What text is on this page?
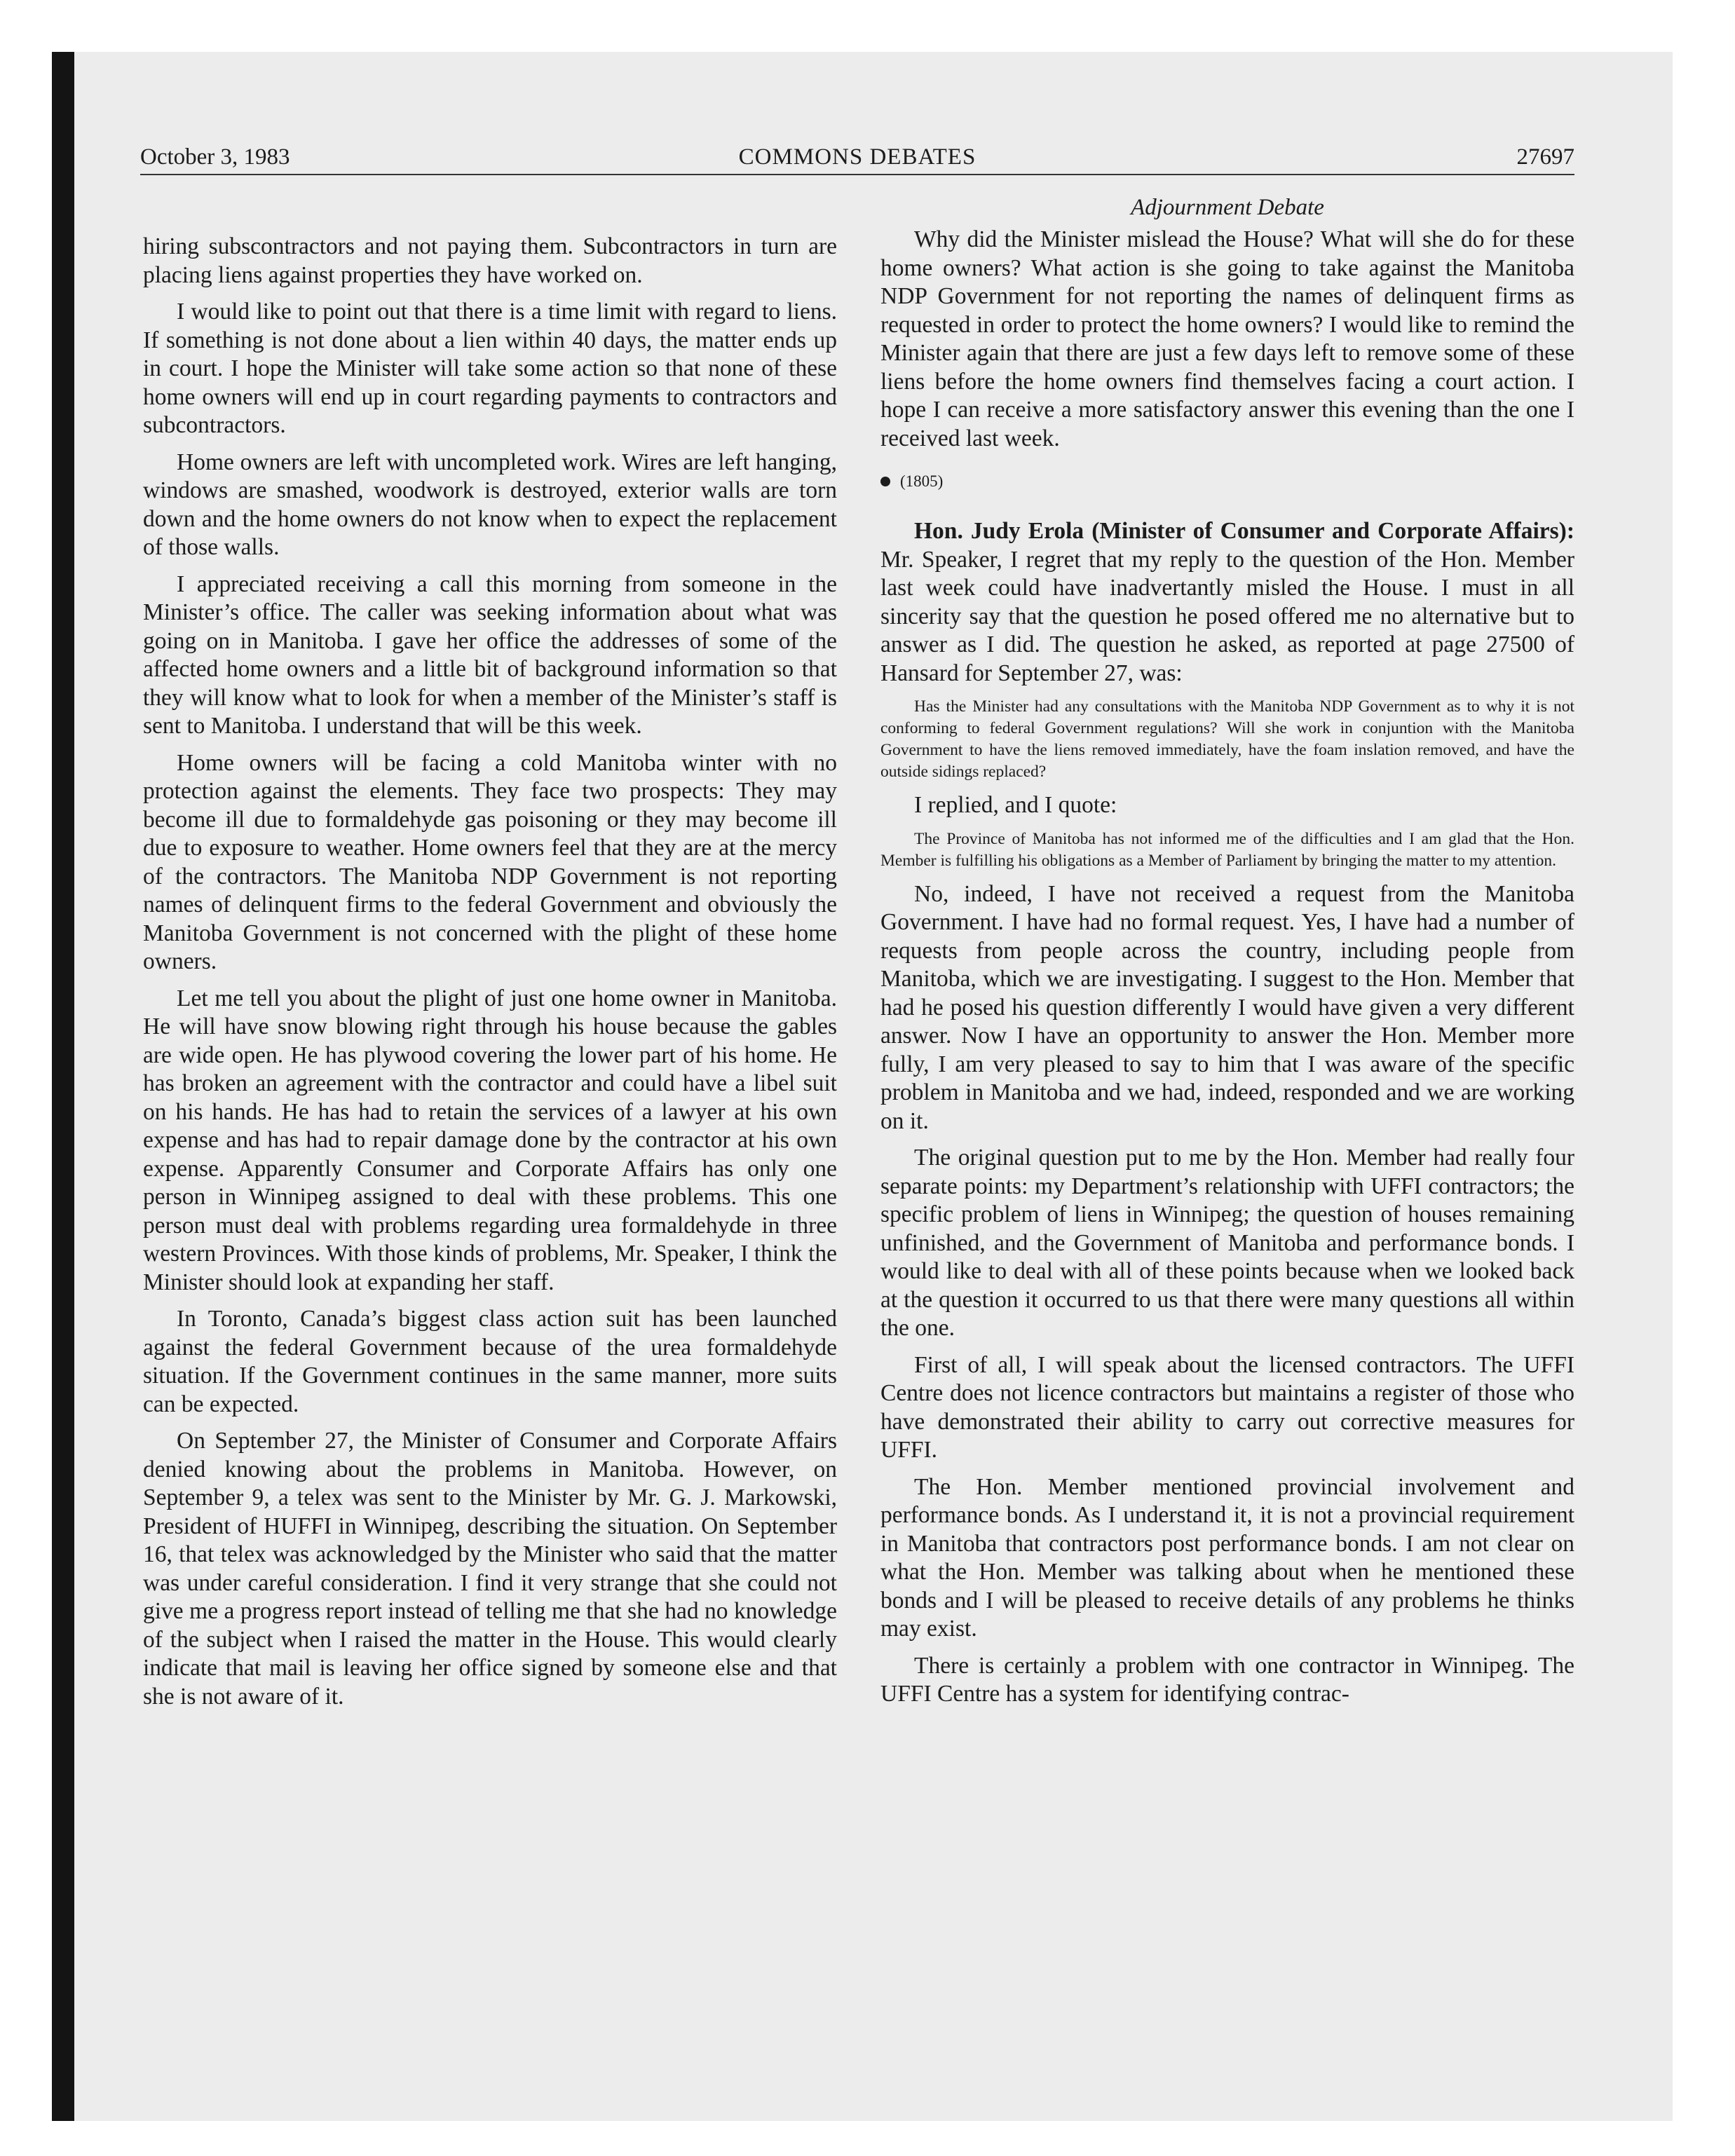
October 3, 1983	COMMONS DEBATES	27697

hiring subscontractors and not paying them. Subcontractors in turn are placing liens against properties they have worked on.

I would like to point out that there is a time limit with regard to liens. If something is not done about a lien within 40 days, the matter ends up in court. I hope the Minister will take some action so that none of these home owners will end up in court regarding payments to contractors and subcontractors.

Home owners are left with uncompleted work. Wires are left hanging, windows are smashed, woodwork is destroyed, exterior walls are torn down and the home owners do not know when to expect the replacement of those walls.

I appreciated receiving a call this morning from someone in the Minister’s office. The caller was seeking information about what was going on in Manitoba. I gave her office the addresses of some of the affected home owners and a little bit of background information so that they will know what to look for when a member of the Minister’s staff is sent to Manitoba. I understand that will be this week.

Home owners will be facing a cold Manitoba winter with no protection against the elements. They face two prospects: They may become ill due to formaldehyde gas poisoning or they may become ill due to exposure to weather. Home owners feel that they are at the mercy of the contractors. The Manitoba NDP Government is not reporting names of delinquent firms to the federal Government and obviously the Manitoba Government is not concerned with the plight of these home owners.

Let me tell you about the plight of just one home owner in Manitoba. He will have snow blowing right through his house because the gables are wide open. He has plywood covering the lower part of his home. He has broken an agreement with the contractor and could have a libel suit on his hands. He has had to retain the services of a lawyer at his own expense and has had to repair damage done by the contractor at his own expense. Apparently Consumer and Corporate Affairs has only one person in Winnipeg assigned to deal with these problems. This one person must deal with problems regarding urea formaldehyde in three western Provinces. With those kinds of problems, Mr. Speaker, I think the Minister should look at expanding her staff.

In Toronto, Canada’s biggest class action suit has been launched against the federal Government because of the urea formaldehyde situation. If the Government continues in the same manner, more suits can be expected.

On September 27, the Minister of Consumer and Corporate Affairs denied knowing about the problems in Manitoba. However, on September 9, a telex was sent to the Minister by Mr. G. J. Markowski, President of HUFFI in Winnipeg, describing the situation. On September 16, that telex was acknowledged by the Minister who said that the matter was under careful consideration. I find it very strange that she could not give me a progress report instead of telling me that she had no knowledge of the subject when I raised the matter in the House. This would clearly indicate that mail is leaving her office signed by someone else and that she is not aware of it.

Adjournment Debate

Why did the Minister mislead the House? What will she do for these home owners? What action is she going to take against the Manitoba NDP Government for not reporting the names of delinquent firms as requested in order to protect the home owners? I would like to remind the Minister again that there are just a few days left to remove some of these liens before the home owners find themselves facing a court action. I hope I can receive a more satisfactory answer this evening than the one I received last week.

(1805)

Hon. Judy Erola (Minister of Consumer and Corporate Affairs): Mr. Speaker, I regret that my reply to the question of the Hon. Member last week could have inadvertantly misled the House. I must in all sincerity say that the question he posed offered me no alternative but to answer as I did. The question he asked, as reported at page 27500 of Hansard for September 27, was:

Has the Minister had any consultations with the Manitoba NDP Government as to why it is not conforming to federal Government regulations? Will she work in conjuntion with the Manitoba Government to have the liens removed immediately, have the foam inslation removed, and have the outside sidings replaced?

I replied, and I quote:

The Province of Manitoba has not informed me of the difficulties and I am glad that the Hon. Member is fulfilling his obligations as a Member of Parliament by bringing the matter to my attention.

No, indeed, I have not received a request from the Manitoba Government. I have had no formal request. Yes, I have had a number of requests from people across the country, including people from Manitoba, which we are investigating. I suggest to the Hon. Member that had he posed his question differently I would have given a very different answer. Now I have an opportunity to answer the Hon. Member more fully, I am very pleased to say to him that I was aware of the specific problem in Manitoba and we had, indeed, responded and we are working on it.

The original question put to me by the Hon. Member had really four separate points: my Department’s relationship with UFFI contractors; the specific problem of liens in Winnipeg; the question of houses remaining unfinished, and the Government of Manitoba and performance bonds. I would like to deal with all of these points because when we looked back at the question it occurred to us that there were many questions all within the one.

First of all, I will speak about the licensed contractors. The UFFI Centre does not licence contractors but maintains a register of those who have demonstrated their ability to carry out corrective measures for UFFI.

The Hon. Member mentioned provincial involvement and performance bonds. As I understand it, it is not a provincial requirement in Manitoba that contractors post performance bonds. I am not clear on what the Hon. Member was talking about when he mentioned these bonds and I will be pleased to receive details of any problems he thinks may exist.

There is certainly a problem with one contractor in Winnipeg. The UFFI Centre has a system for identifying contrac-
